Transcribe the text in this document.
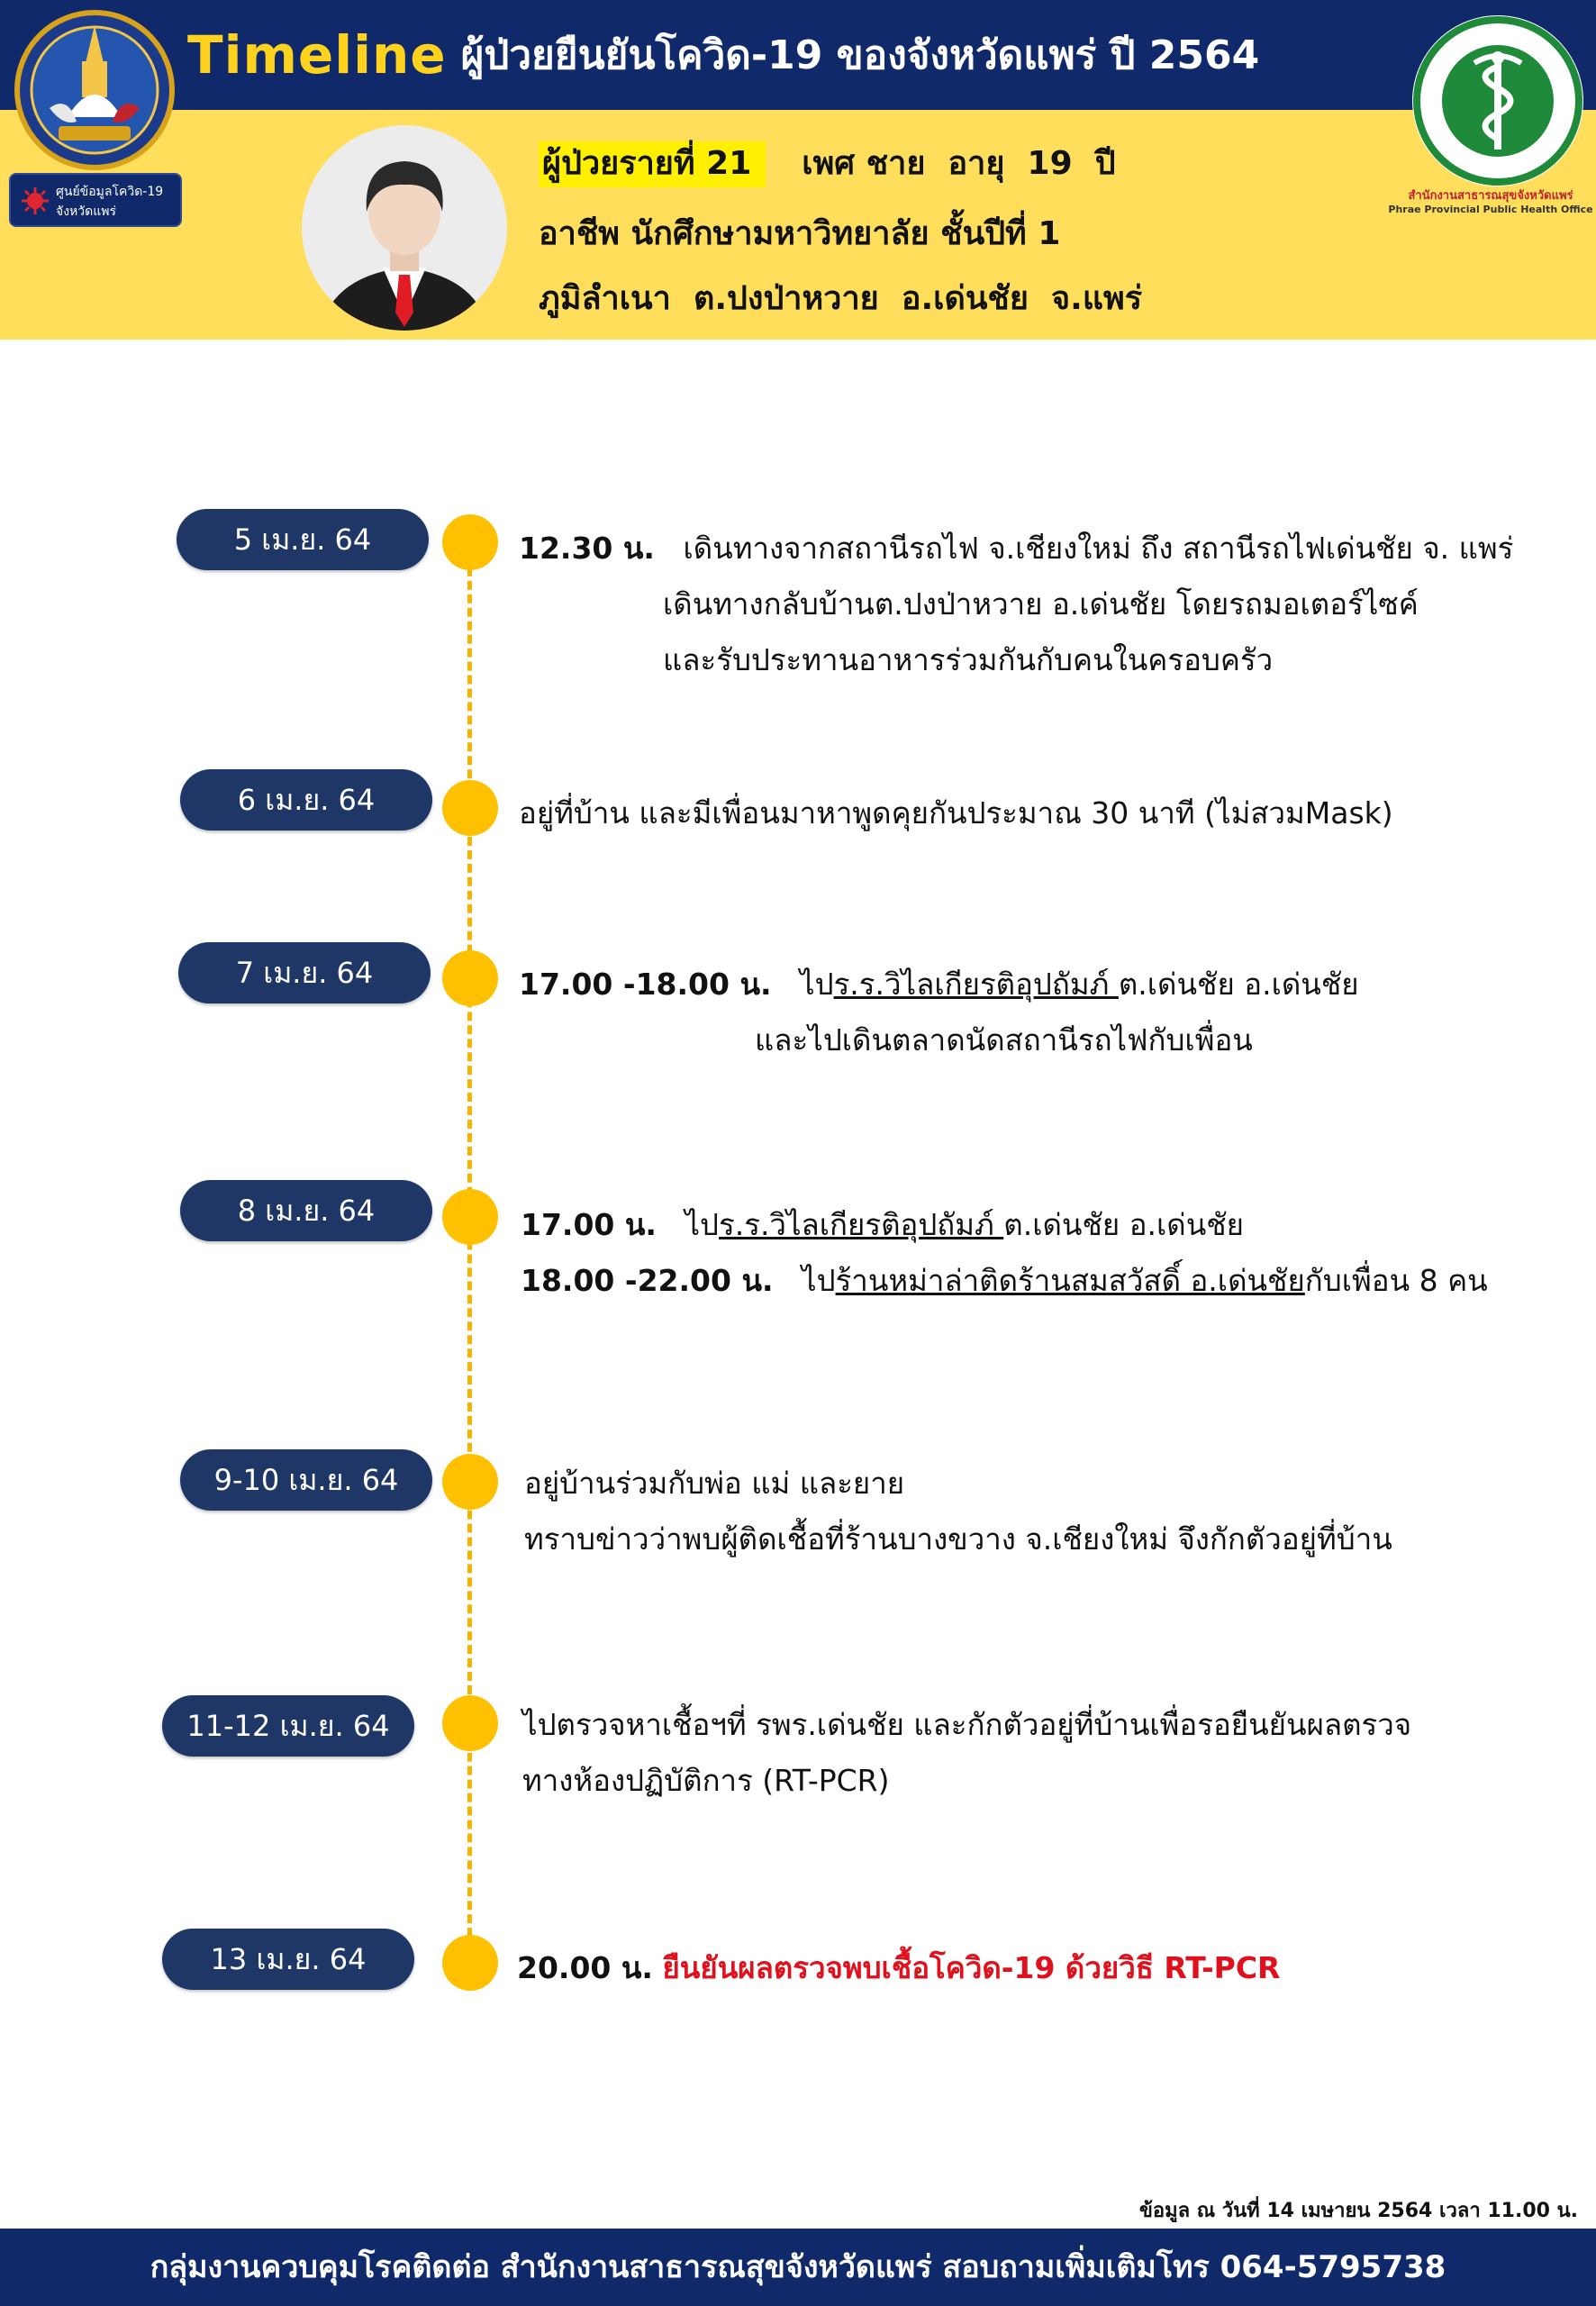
Timeline ผู้ป่วยยืนยันโควิด-19 ของจังหวัดแพร่ ปี 2564
ศูนย์ข้อมูลโควิด-19
จังหวัดแพร่
สำนักงานสาธารณสุขจังหวัดแพร่
Phrae Provincial Public Health Office
ผู้ป่วยรายที่ 21 เพศ ชาย อายุ 19 ปี
อาชีพ นักศึกษามหาวิทยาลัย ชั้นปีที่ 1
ภูมิลำเนา ต.ปงป่าหวาย อ.เด่นชัย จ.แพร่
5 เม.ย. 64	12.30 น. เดินทางจากสถานีรถไฟ จ.เชียงใหม่ ถึง สถานีรถไฟเด่นชัย จ. แพร่
เดินทางกลับบ้านต.ปงป่าหวาย อ.เด่นชัย โดยรถมอเตอร์ไซค์
และรับประทานอาหารร่วมกันกับคนในครอบครัว
6 เม.ย. 64	อยู่ที่บ้าน และมีเพื่อนมาหาพูดคุยกันประมาณ 30 นาที (ไม่สวมMask)
7 เม.ย. 64	17.00 -18.00 น. ไปร.ร.วิไลเกียรติอุปถัมภ์ ต.เด่นชัย อ.เด่นชัย
และไปเดินตลาดนัดสถานีรถไฟกับเพื่อน
8 เม.ย. 64	17.00 น. ไปร.ร.วิไลเกียรติอุปถัมภ์ ต.เด่นชัย อ.เด่นชัย
18.00 -22.00 น. ไปร้านหม่าล่าติดร้านสมสวัสดิ์ อ.เด่นชัยกับเพื่อน 8 คน
9-10 เม.ย. 64	อยู่บ้านร่วมกับพ่อ แม่ และยาย
ทราบข่าวว่าพบผู้ติดเชื้อที่ร้านบางขวาง จ.เชียงใหม่ จึงกักตัวอยู่ที่บ้าน
11-12 เม.ย. 64	ไปตรวจหาเชื้อฯที่ รพร.เด่นชัย และกักตัวอยู่ที่บ้านเพื่อรอยืนยันผลตรวจ
ทางห้องปฏิบัติการ (RT-PCR)
13 เม.ย. 64	20.00 น. ยืนยันผลตรวจพบเชื้อโควิด-19 ด้วยวิธี RT-PCR
ข้อมูล ณ วันที่ 14 เมษายน 2564 เวลา 11.00 น.
กลุ่มงานควบคุมโรคติดต่อ สำนักงานสาธารณสุขจังหวัดแพร่ สอบถามเพิ่มเติมโทร 064-5795738
